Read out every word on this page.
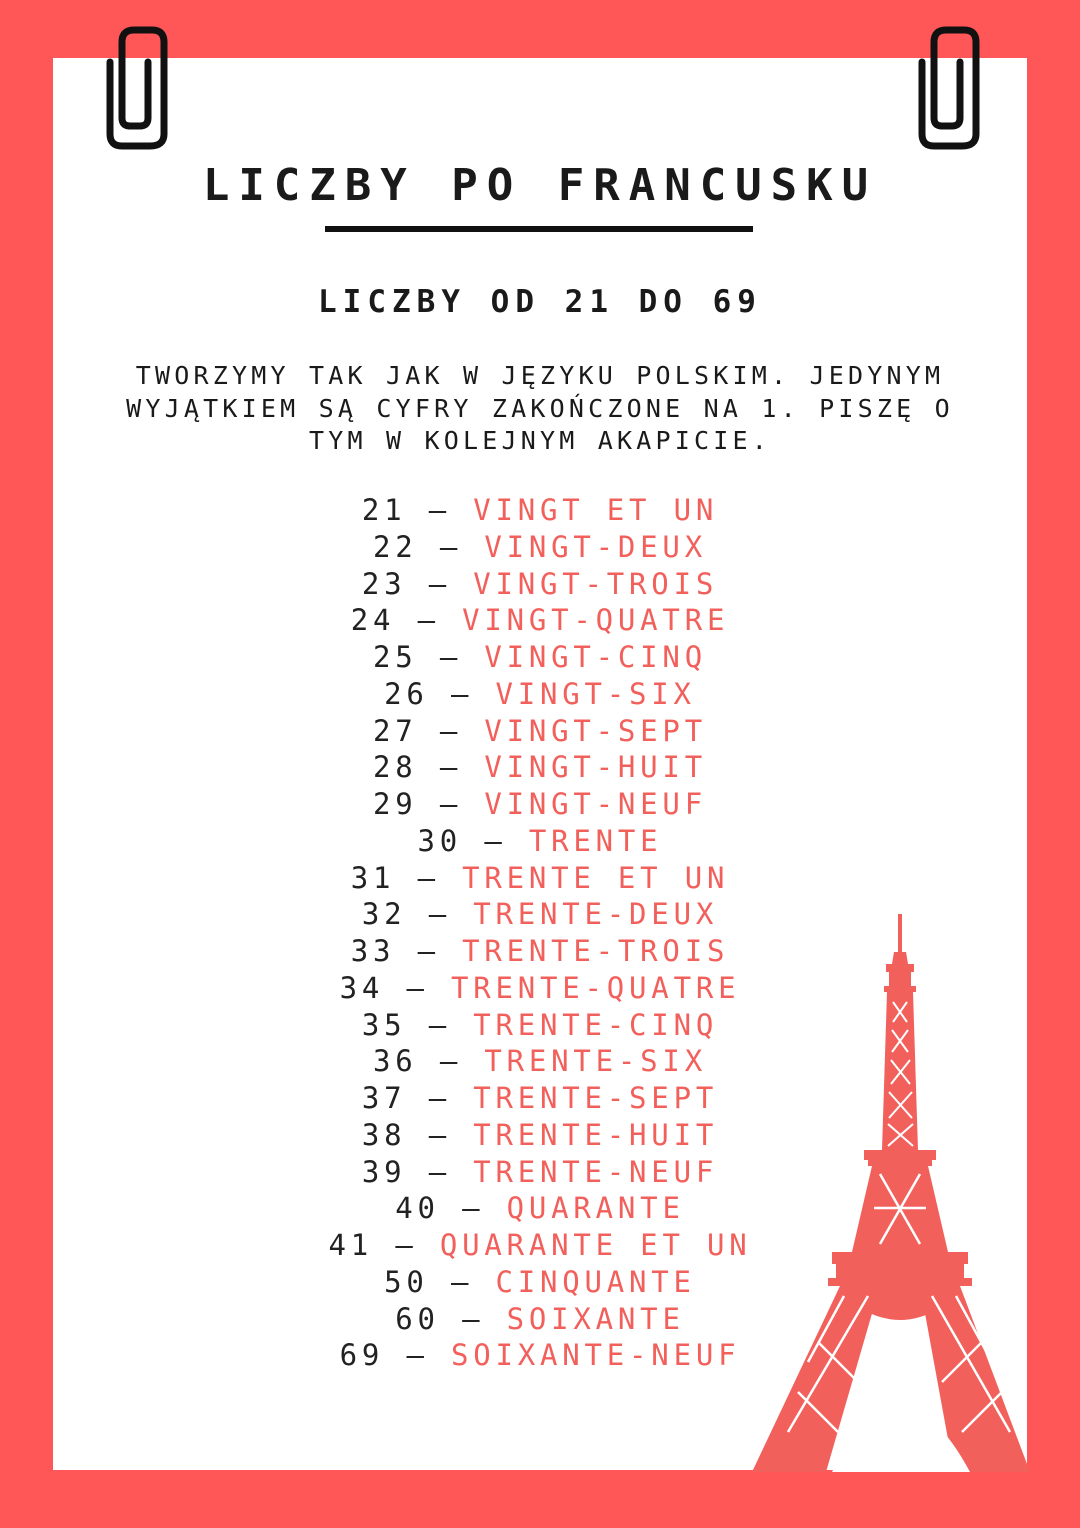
LICZBY PO FRANCUSKU
LICZBY OD 21 DO 69

TWORZYMY TAK JAK W JĘZYKU POLSKIM. JEDYNYM
WYJĄTKIEM SĄ CYFRY ZAKOŃCZONE NA 1. PISZĘ O
TYM W KOLEJNYM AKAPICIE.

21 – VINGT ET UN
22 – VINGT-DEUX
23 – VINGT-TROIS
24 – VINGT-QUATRE
25 – VINGT-CINQ
26 – VINGT-SIX
27 – VINGT-SEPT
28 – VINGT-HUIT
29 – VINGT-NEUF
30 – TRENTE
31 – TRENTE ET UN
32 – TRENTE-DEUX
33 – TRENTE-TROIS
34 – TRENTE-QUATRE
35 – TRENTE-CINQ
36 – TRENTE-SIX
37 – TRENTE-SEPT
38 – TRENTE-HUIT
39 – TRENTE-NEUF
40 – QUARANTE
41 – QUARANTE ET UN
50 – CINQUANTE
60 – SOIXANTE
69 – SOIXANTE-NEUF
